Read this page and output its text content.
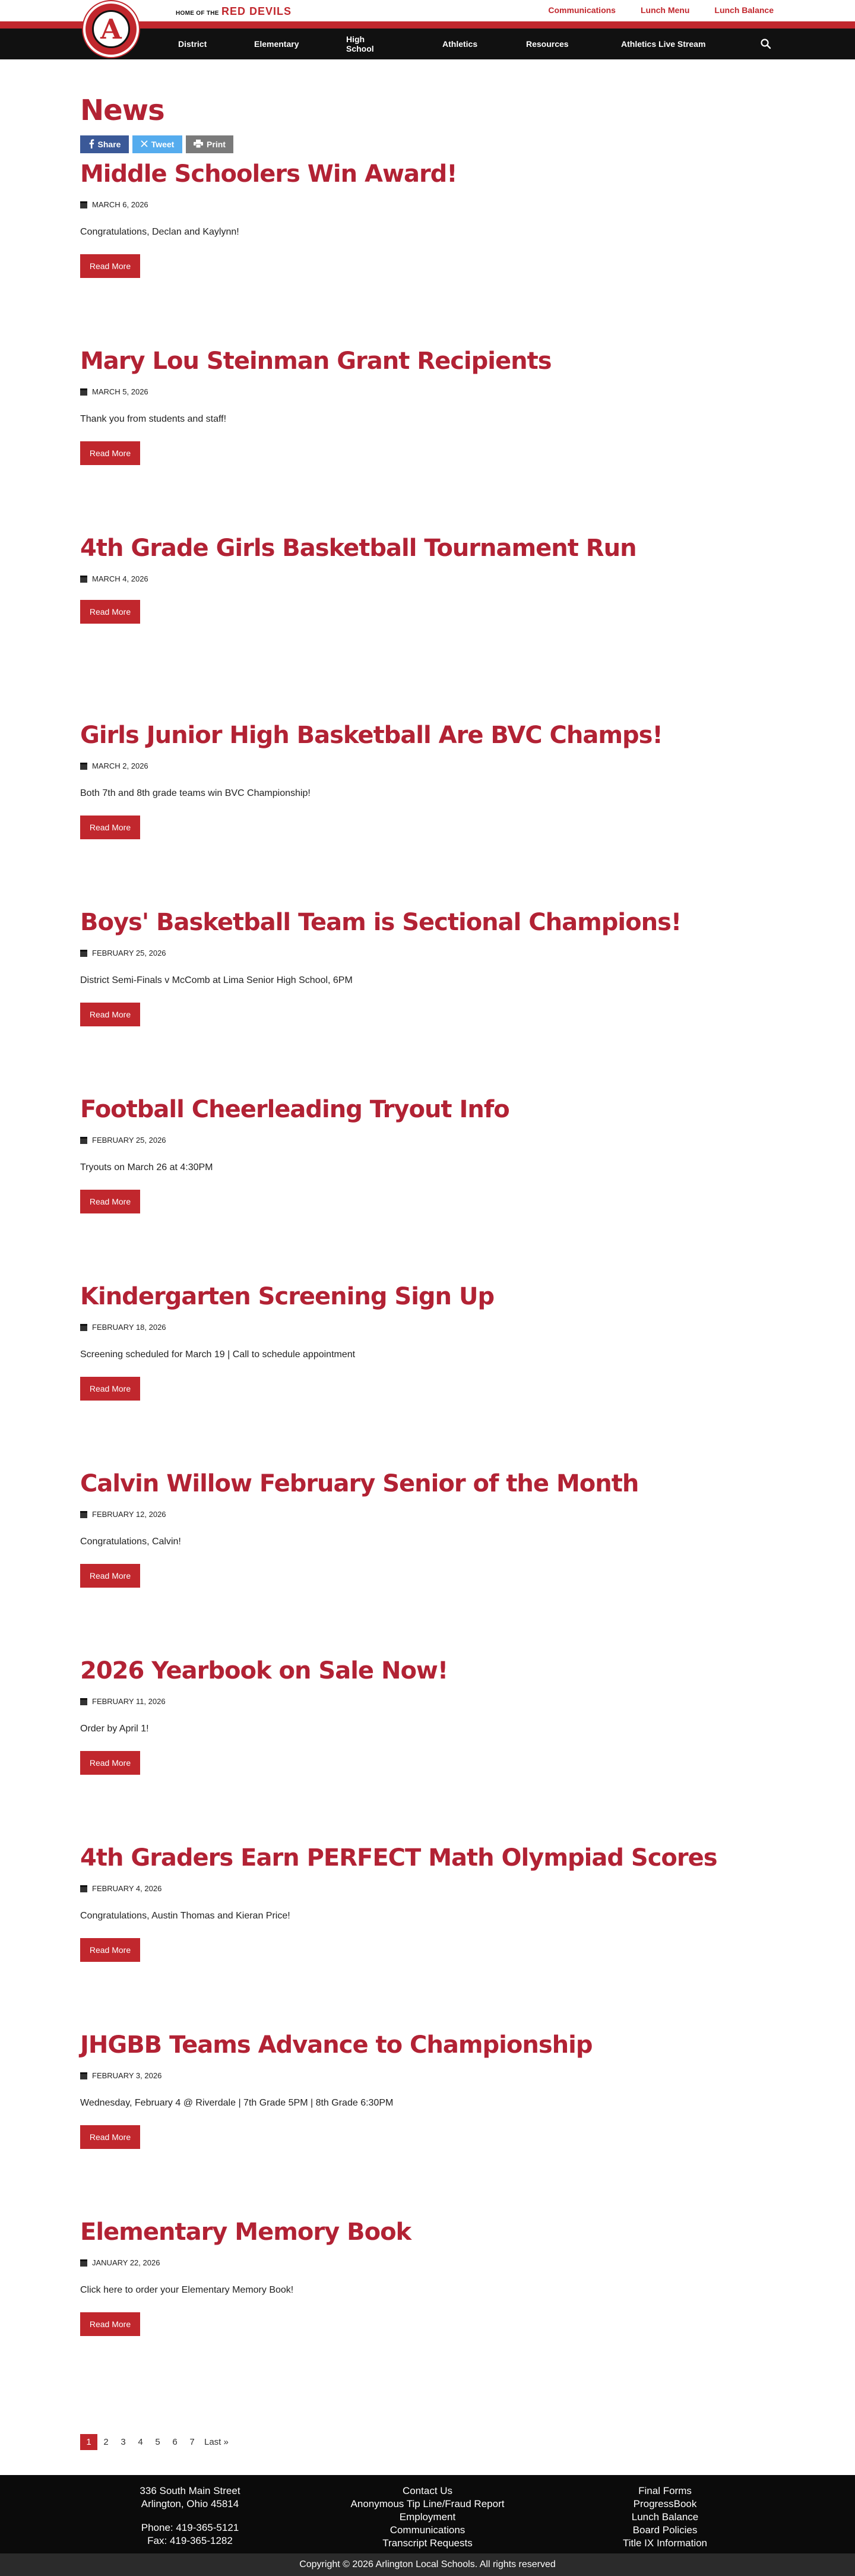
A	HOME OF THE RED DEVILS	Communications	Lunch Menu	Lunch Balance
District	Elementary	High School	Athletics	Resources	Athletics Live Stream
News
Share	Tweet	Print
Middle Schoolers Win Award!
MARCH 6, 2026

Congratulations, Declan and Kaylynn!

Read More
Mary Lou Steinman Grant Recipients
MARCH 5, 2026

Thank you from students and staff!

Read More
4th Grade Girls Basketball Tournament Run
MARCH 4, 2026
Read More
Girls Junior High Basketball Are BVC Champs!
MARCH 2, 2026

Both 7th and 8th grade teams win BVC Championship!

Read More
Boys' Basketball Team is Sectional Champions!
FEBRUARY 25, 2026

District Semi-Finals v McComb at Lima Senior High School, 6PM

Read More
Football Cheerleading Tryout Info
FEBRUARY 25, 2026

Tryouts on March 26 at 4:30PM

Read More
Kindergarten Screening Sign Up
FEBRUARY 18, 2026

Screening scheduled for March 19 | Call to schedule appointment

Read More
Calvin Willow February Senior of the Month
FEBRUARY 12, 2026

Congratulations, Calvin!

Read More
2026 Yearbook on Sale Now!
FEBRUARY 11, 2026

Order by April 1!

Read More
4th Graders Earn PERFECT Math Olympiad Scores
FEBRUARY 4, 2026

Congratulations, Austin Thomas and Kieran Price!

Read More
JHGBB Teams Advance to Championship
FEBRUARY 3, 2026

Wednesday, February 4 @ Riverdale | 7th Grade 5PM | 8th Grade 6:30PM

Read More
Elementary Memory Book
JANUARY 22, 2026

Click here to order your Elementary Memory Book!

Read More
1	2	3	4	5	6	7	Last »
336 South Main Street
Arlington, Ohio 45814
Phone: 419-365-5121
Fax: 419-365-1282
Contact Us
Anonymous Tip Line/Fraud Report
Employment
Communications
Transcript Requests
Final Forms
ProgressBook
Lunch Balance
Board Policies
Title IX Information
Copyright © 2026 Arlington Local Schools. All rights reserved
